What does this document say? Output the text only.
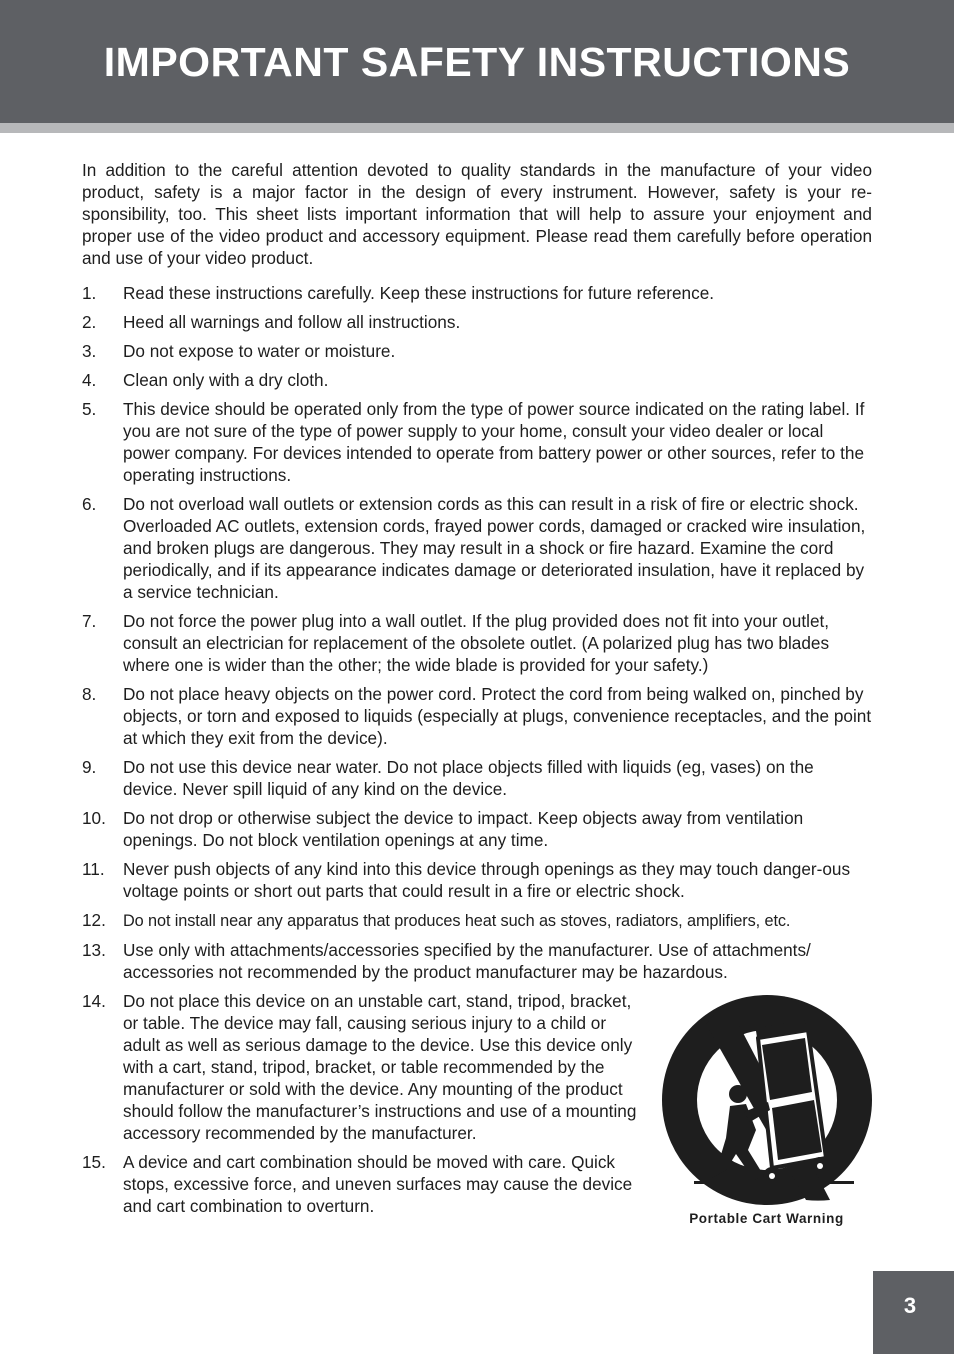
IMPORTANT SAFETY INSTRUCTIONS

In addition to the careful attention devoted to quality standards in the manufacture of your video product, safety is a major factor in the design of every instrument. However, safety is your re-sponsibility, too. This sheet lists important information that will help to assure your enjoyment and proper use of the video product and accessory equipment. Please read them carefully before operation and use of your video product.

1. Read these instructions carefully. Keep these instructions for future reference.
2. Heed all warnings and follow all instructions.
3. Do not expose to water or moisture.
4. Clean only with a dry cloth.
5. This device should be operated only from the type of power source indicated on the rating label. If you are not sure of the type of power supply to your home, consult your video dealer or local power company. For devices intended to operate from battery power or other sources, refer to the operating instructions.
6. Do not overload wall outlets or extension cords as this can result in a risk of fire or electric shock. Overloaded AC outlets, extension cords, frayed power cords, damaged or cracked wire insulation, and broken plugs are dangerous. They may result in a shock or fire hazard. Examine the cord periodically, and if its appearance indicates damage or deteriorated insulation, have it replaced by a service technician.
7. Do not force the power plug into a wall outlet. If the plug provided does not fit into your outlet, consult an electrician for replacement of the obsolete outlet. (A polarized plug has two blades where one is wider than the other; the wide blade is provided for your safety.)
8. Do not place heavy objects on the power cord. Protect the cord from being walked on, pinched by objects, or torn and exposed to liquids (especially at plugs, convenience receptacles, and the point at which they exit from the device).
9. Do not use this device near water. Do not place objects filled with liquids (eg, vases) on the device. Never spill liquid of any kind on the device.
10. Do not drop or otherwise subject the device to impact. Keep objects away from ventilation openings. Do not block ventilation openings at any time.
11. Never push objects of any kind into this device through openings as they may touch danger-ous voltage points or short out parts that could result in a fire or electric shock.
12. Do not install near any apparatus that produces heat such as stoves, radiators, amplifiers, etc.
13. Use only with attachments/accessories specified by the manufacturer. Use of attachments/ accessories not recommended by the product manufacturer may be hazardous.
14. Do not place this device on an unstable cart, stand, tripod, bracket, or table. The device may fall, causing serious injury to a child or adult as well as serious damage to the device. Use this device only with a cart, stand, tripod, bracket, or table recommended by the manufacturer or sold with the device. Any mounting of the product should follow the manufacturer’s instructions and use of a mounting accessory recommended by the manufacturer.
15. A device and cart combination should be moved with care. Quick stops, excessive force, and uneven surfaces may cause the device and cart combination to overturn.
Portable Cart Warning
3
